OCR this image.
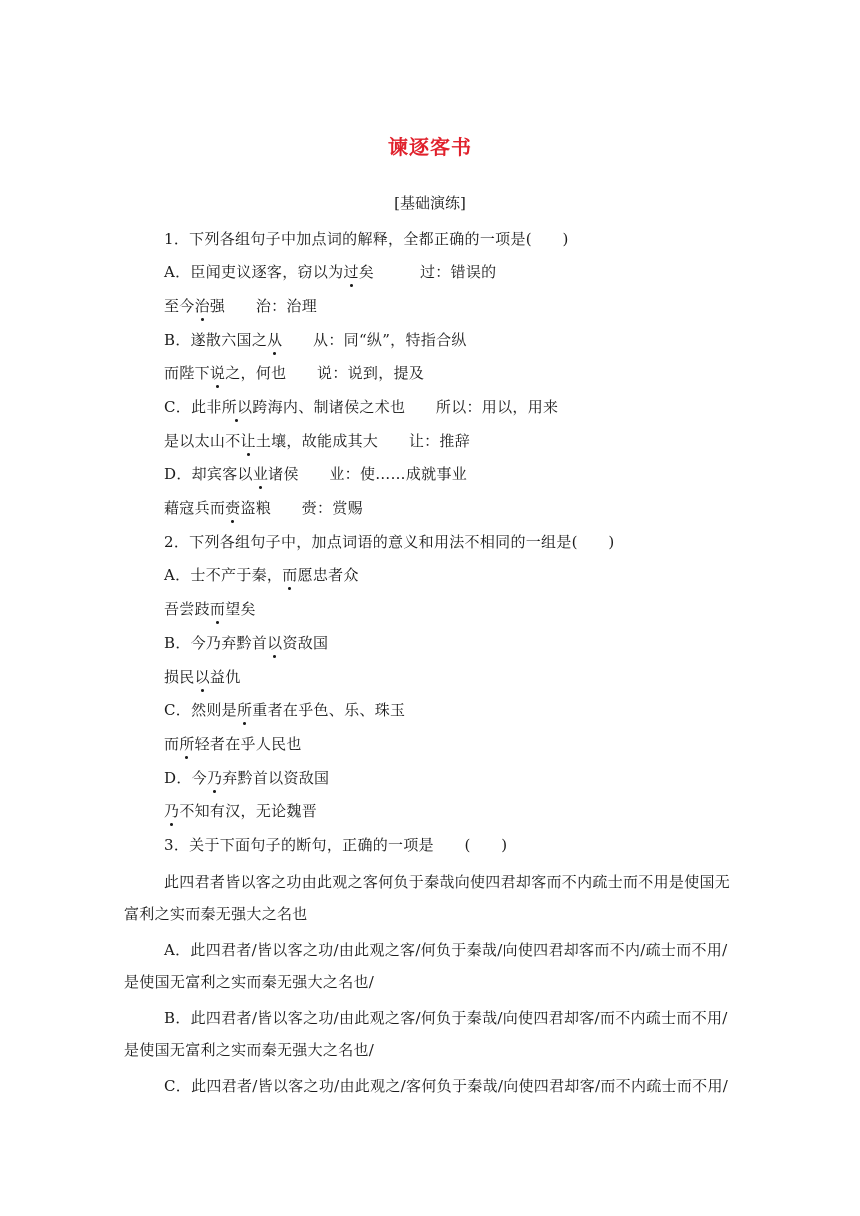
谏逐客书
[基础演练]
1．下列各组句子中加点词的解释，全都正确的一项是(　　)
A．臣闻吏议逐客，窃以为过矣　　　过：错误的
至今治强　　治：治理
B．遂散六国之从　　从：同“纵”，特指合纵
而陛下说之，何也　　说：说到，提及
C．此非所以跨海内、制诸侯之术也　　所以：用以，用来
是以太山不让土壤，故能成其大　　让：推辞
D．却宾客以业诸侯　　业：使……成就事业
藉寇兵而赍盗粮　　赍：赏赐
2．下列各组句子中，加点词语的意义和用法不相同的一组是(　　)
A．士不产于秦，而愿忠者众
吾尝跂而望矣
B．今乃弃黔首以资敌国
损民以益仇
C．然则是所重者在乎色、乐、珠玉
而所轻者在乎人民也
D．今乃弃黔首以资敌国
乃不知有汉，无论魏晋
3．关于下面句子的断句，正确的一项是　　(　　)
此四君者皆以客之功由此观之客何负于秦哉向使四君却客而不内疏士而不用是使国无
富利之实而秦无强大之名也
A．此四君者/皆以客之功/由此观之客/何负于秦哉/向使四君却客而不内/疏士而不用/
是使国无富利之实而秦无强大之名也/
B．此四君者/皆以客之功/由此观之客/何负于秦哉/向使四君却客/而不内疏士而不用/
是使国无富利之实而秦无强大之名也/
C．此四君者/皆以客之功/由此观之/客何负于秦哉/向使四君却客/而不内疏士而不用/
